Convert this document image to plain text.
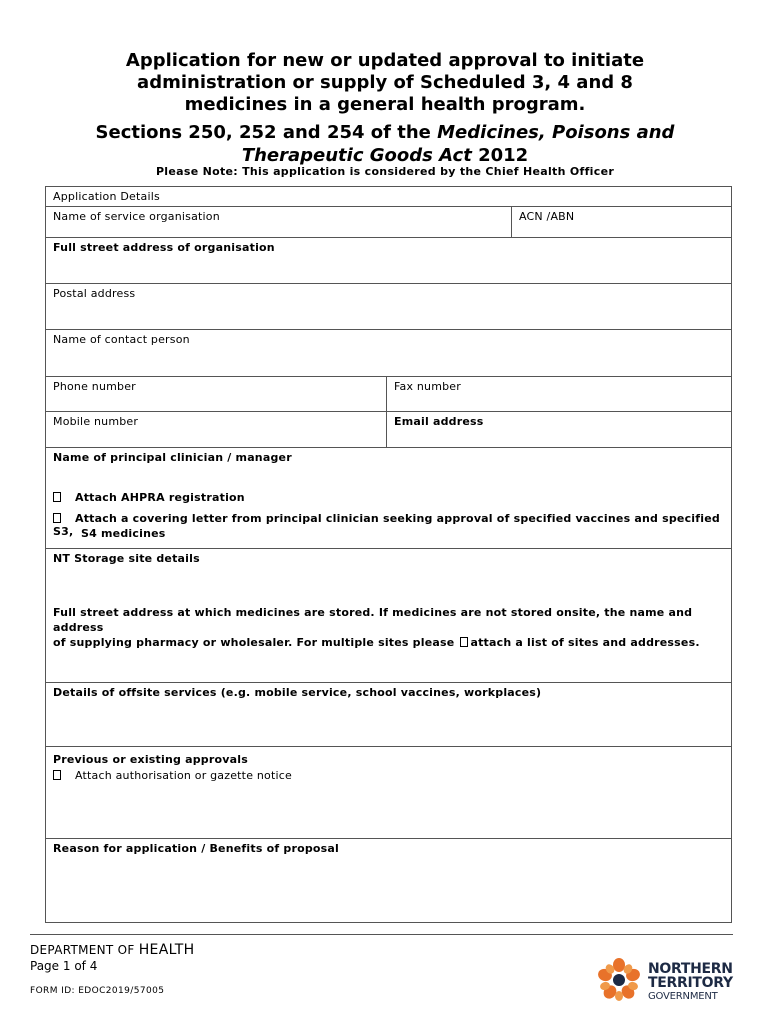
Application for new or updated approval to initiate
administration or supply of Scheduled 3, 4 and 8
medicines in a general health program.
Sections 250, 252 and 254 of the Medicines, Poisons and
Therapeutic Goods Act 2012
Please Note: This application is considered by the Chief Health Officer
Application Details
Name of service organisation	ACN /ABN
Full street address of organisation
Postal address
Name of contact person
Phone number	Fax number
Mobile number	Email address
Name of principal clinician / manager
Attach AHPRA registration
Attach a covering letter from principal clinician seeking approval of specified vaccines and specified S3, S4 medicines
NT Storage site details
Full street address at which medicines are stored. If medicines are not stored onsite, the name and address
of supplying pharmacy or wholesaler. For multiple sites please attach a list of sites and addresses.
Details of offsite services (e.g. mobile service, school vaccines, workplaces)
Previous or existing approvals
Attach authorisation or gazette notice
Reason for application / Benefits of proposal
DEPARTMENT OF HEALTH
Page 1 of 4
FORM ID: EDOC2019/57005
NORTHERN
TERRITORY
GOVERNMENT
